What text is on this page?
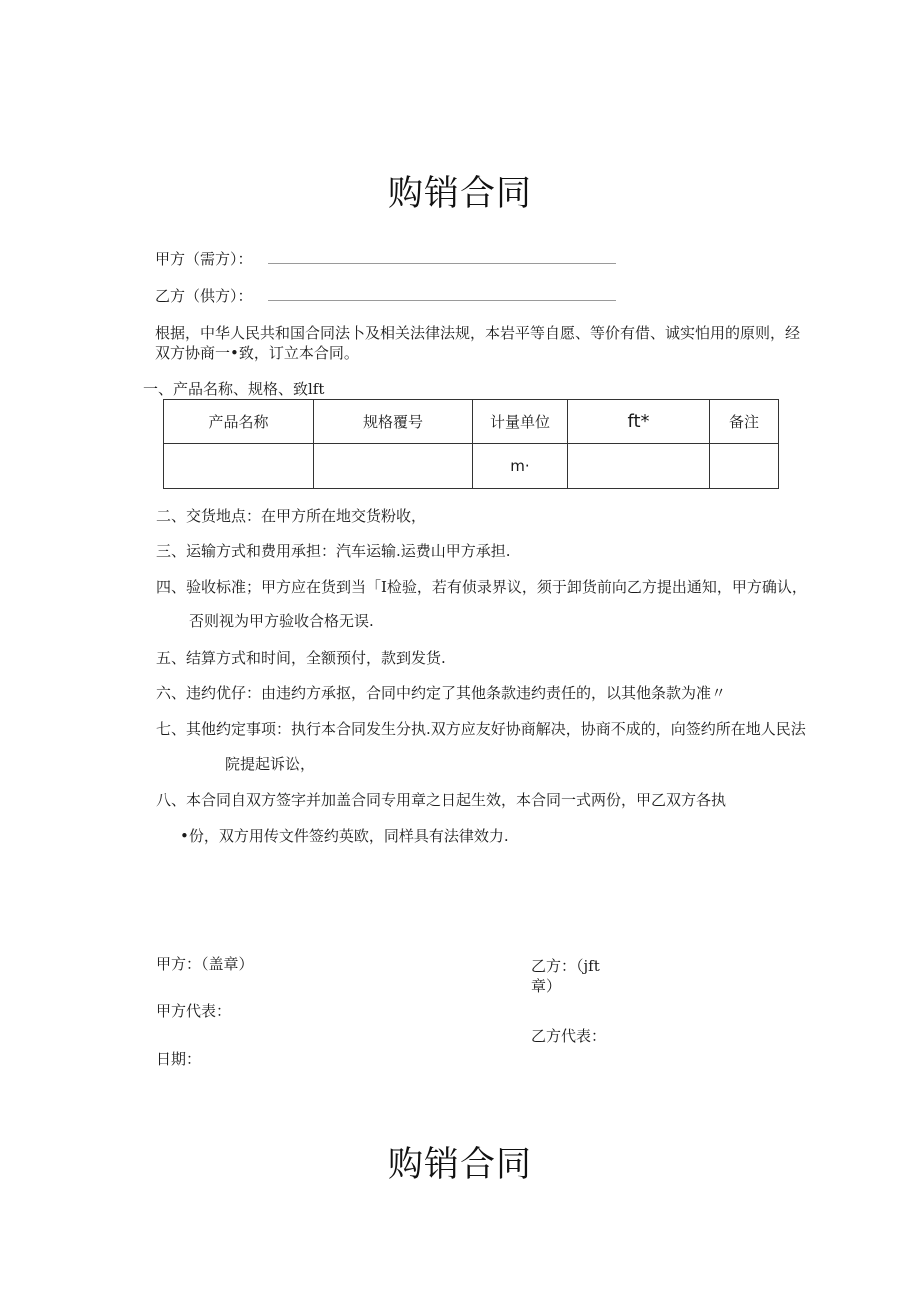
购销合同
甲方（需方）：
乙方（供方）：
根据，中华人民共和国合同法卜及相关法律法规，本岩平等自愿、等价有借、诚实怕用的原则，经
双方协商一•致，订立本合同。
一、产品名称、规格、致lft
产品名称	规格覆号	计量单位	ft*	备注
		m·		
二、交货地点：在甲方所在地交货粉收，
三、运输方式和费用承担：汽车运输.运费山甲方承担.
四、验收标准；甲方应在货到当「I检验，若有侦录界议，须于卸货前向乙方提出通知，甲方确认，
否则视为甲方验收合格无误.
五、结算方式和时间，全额预付，款到发货.
六、违约优仔：由违约方承抠，合同中约定了其他条款违约责任的，以其他条款为准〃
七、其他约定事项：执行本合同发生分执.双方应友好协商解决，协商不成的，向签约所在地人民法
院提起诉讼，
八、本合同自双方签字并加盖合同专用章之日起生效，本合同一式两份，甲乙双方各执
•份，双方用传文件签约英欧，同样具有法律效力.
甲方：（盖章）	乙方：（jft
章）
甲方代表：
乙方代表：
日期：
购销合同
